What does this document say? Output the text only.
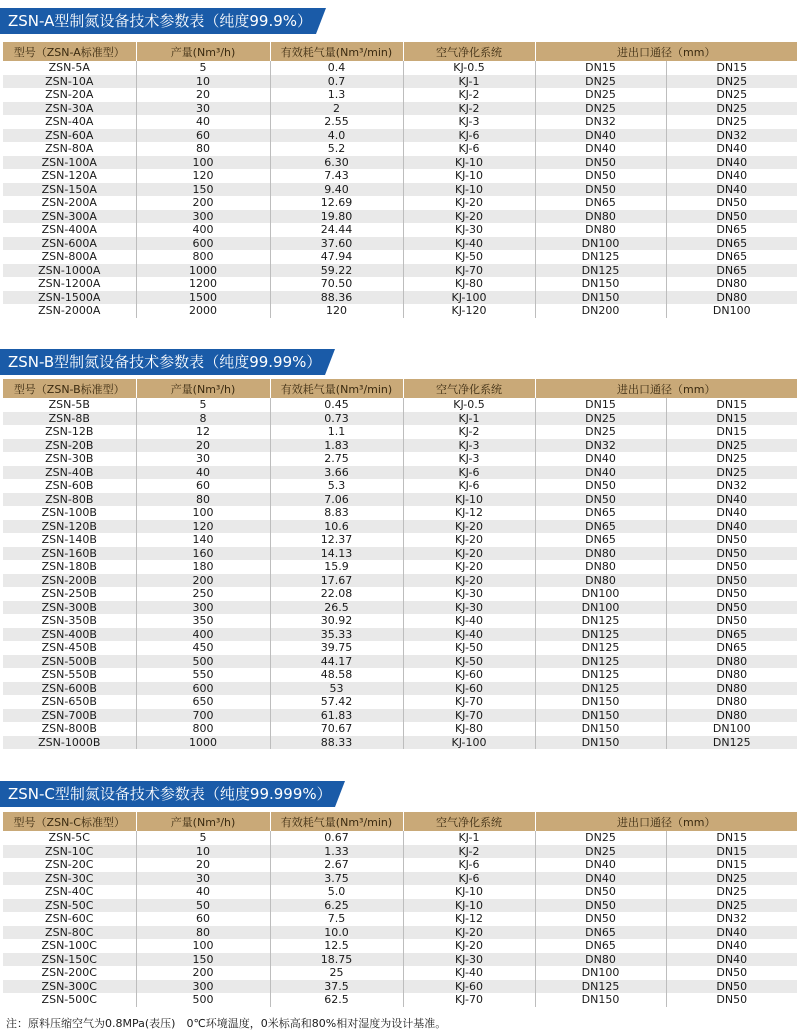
ZSN-A型制氮设备技术参数表（纯度99.9%）
型号（ZSN-A标准型）	产量(Nm³/h)	有效耗气量(Nm³/min)	空气净化系统	进出口通径（mm）	
ZSN-5A	5	0.4	KJ-0.5	DN15	DN15
ZSN-10A	10	0.7	KJ-1	DN25	DN25
ZSN-20A	20	1.3	KJ-2	DN25	DN25
ZSN-30A	30	2	KJ-2	DN25	DN25
ZSN-40A	40	2.55	KJ-3	DN32	DN25
ZSN-60A	60	4.0	KJ-6	DN40	DN32
ZSN-80A	80	5.2	KJ-6	DN40	DN40
ZSN-100A	100	6.30	KJ-10	DN50	DN40
ZSN-120A	120	7.43	KJ-10	DN50	DN40
ZSN-150A	150	9.40	KJ-10	DN50	DN40
ZSN-200A	200	12.69	KJ-20	DN65	DN50
ZSN-300A	300	19.80	KJ-20	DN80	DN50
ZSN-400A	400	24.44	KJ-30	DN80	DN65
ZSN-600A	600	37.60	KJ-40	DN100	DN65
ZSN-800A	800	47.94	KJ-50	DN125	DN65
ZSN-1000A	1000	59.22	KJ-70	DN125	DN65
ZSN-1200A	1200	70.50	KJ-80	DN150	DN80
ZSN-1500A	1500	88.36	KJ-100	DN150	DN80
ZSN-2000A	2000	120	KJ-120	DN200	DN100
ZSN-B型制氮设备技术参数表（纯度99.99%）
型号（ZSN-B标准型）	产量(Nm³/h)	有效耗气量(Nm³/min)	空气净化系统	进出口通径（mm）	
ZSN-5B	5	0.45	KJ-0.5	DN15	DN15
ZSN-8B	8	0.73	KJ-1	DN25	DN15
ZSN-12B	12	1.1	KJ-2	DN25	DN15
ZSN-20B	20	1.83	KJ-3	DN32	DN25
ZSN-30B	30	2.75	KJ-3	DN40	DN25
ZSN-40B	40	3.66	KJ-6	DN40	DN25
ZSN-60B	60	5.3	KJ-6	DN50	DN32
ZSN-80B	80	7.06	KJ-10	DN50	DN40
ZSN-100B	100	8.83	KJ-12	DN65	DN40
ZSN-120B	120	10.6	KJ-20	DN65	DN40
ZSN-140B	140	12.37	KJ-20	DN65	DN50
ZSN-160B	160	14.13	KJ-20	DN80	DN50
ZSN-180B	180	15.9	KJ-20	DN80	DN50
ZSN-200B	200	17.67	KJ-20	DN80	DN50
ZSN-250B	250	22.08	KJ-30	DN100	DN50
ZSN-300B	300	26.5	KJ-30	DN100	DN50
ZSN-350B	350	30.92	KJ-40	DN125	DN50
ZSN-400B	400	35.33	KJ-40	DN125	DN65
ZSN-450B	450	39.75	KJ-50	DN125	DN65
ZSN-500B	500	44.17	KJ-50	DN125	DN80
ZSN-550B	550	48.58	KJ-60	DN125	DN80
ZSN-600B	600	53	KJ-60	DN125	DN80
ZSN-650B	650	57.42	KJ-70	DN150	DN80
ZSN-700B	700	61.83	KJ-70	DN150	DN80
ZSN-800B	800	70.67	KJ-80	DN150	DN100
ZSN-1000B	1000	88.33	KJ-100	DN150	DN125
ZSN-C型制氮设备技术参数表（纯度99.999%）
型号（ZSN-C标准型）	产量(Nm³/h)	有效耗气量(Nm³/min)	空气净化系统	进出口通径（mm）	
ZSN-5C	5	0.67	KJ-1	DN25	DN15
ZSN-10C	10	1.33	KJ-2	DN25	DN15
ZSN-20C	20	2.67	KJ-6	DN40	DN15
ZSN-30C	30	3.75	KJ-6	DN40	DN25
ZSN-40C	40	5.0	KJ-10	DN50	DN25
ZSN-50C	50	6.25	KJ-10	DN50	DN25
ZSN-60C	60	7.5	KJ-12	DN50	DN32
ZSN-80C	80	10.0	KJ-20	DN65	DN40
ZSN-100C	100	12.5	KJ-20	DN65	DN40
ZSN-150C	150	18.75	KJ-30	DN80	DN40
ZSN-200C	200	25	KJ-40	DN100	DN50
ZSN-300C	300	37.5	KJ-60	DN125	DN50
ZSN-500C	500	62.5	KJ-70	DN150	DN50
注：原料压缩空气为0.8MPa(表压)　0℃环境温度，0米标高和80%相对湿度为设计基准。
